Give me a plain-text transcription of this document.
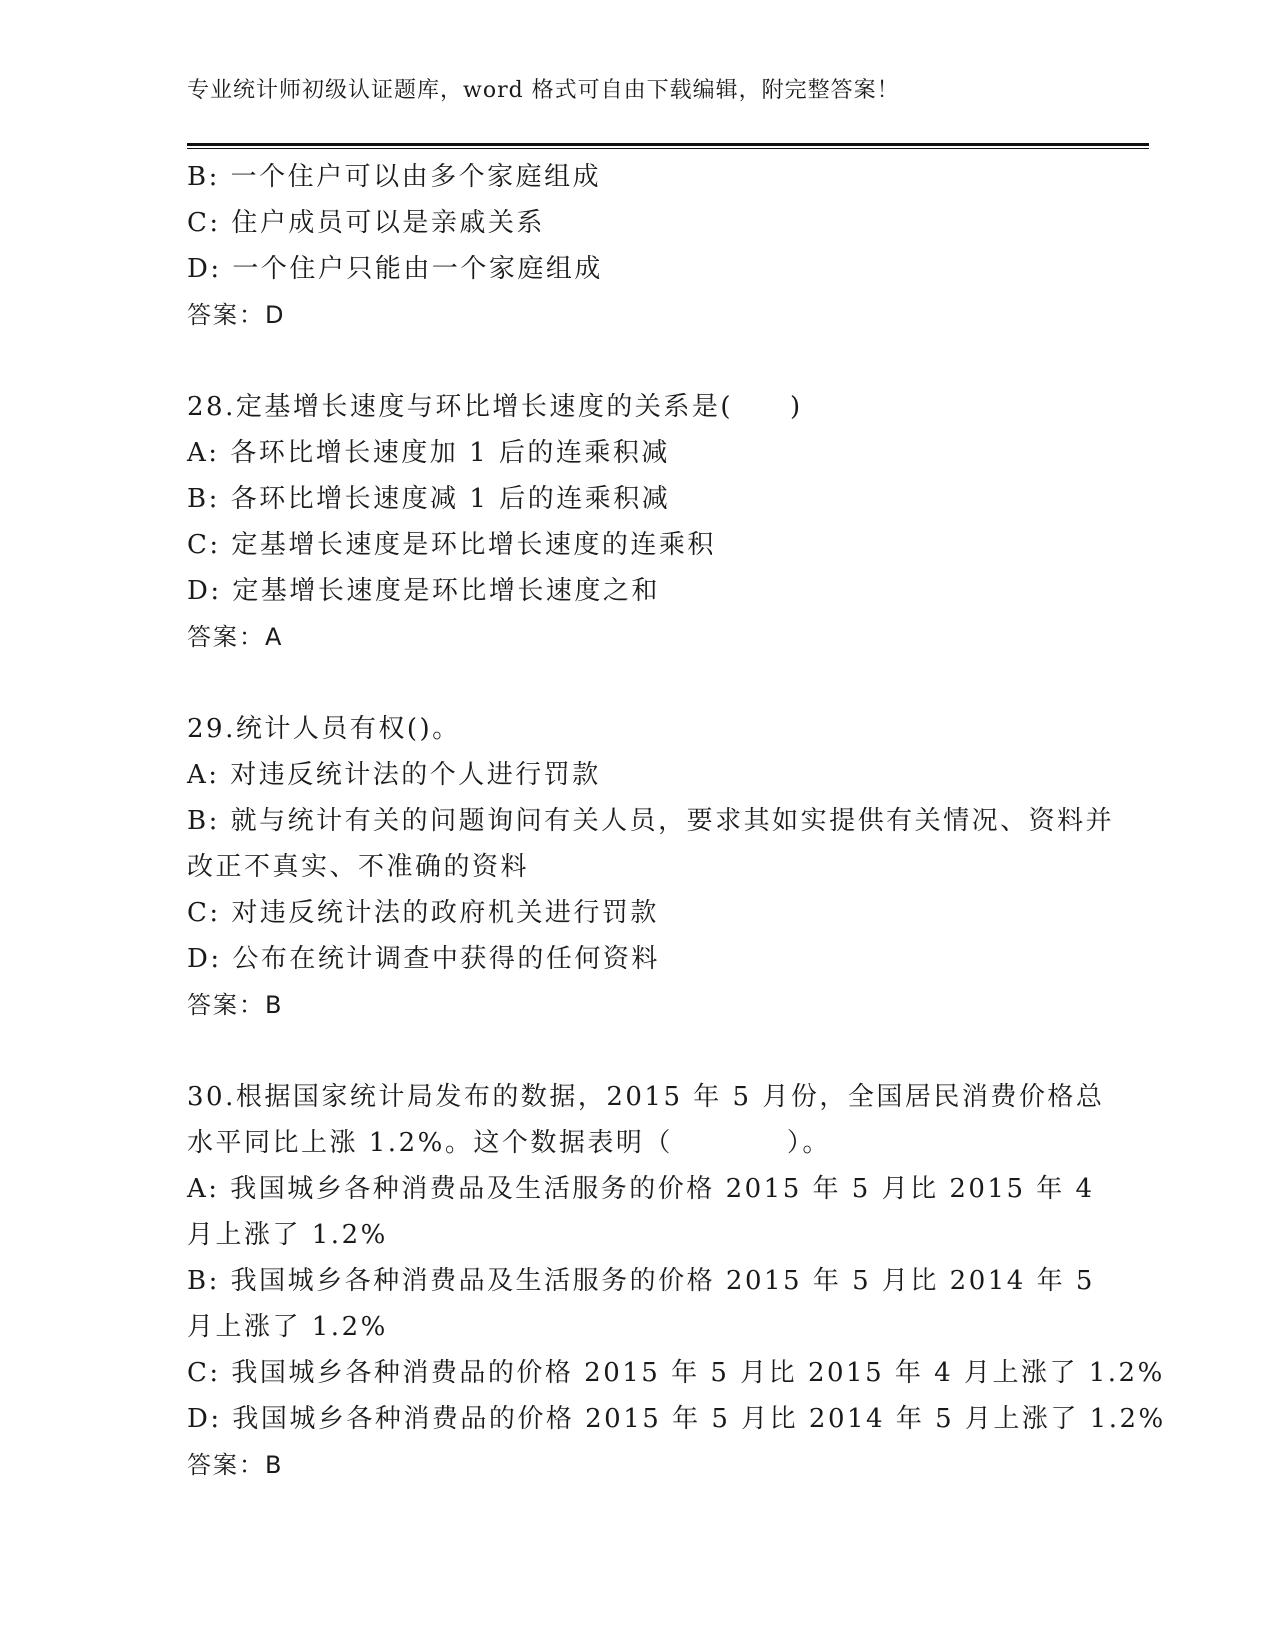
专业统计师初级认证题库，word 格式可自由下载编辑，附完整答案！
B: 一个住户可以由多个家庭组成
C: 住户成员可以是亲戚关系
D: 一个住户只能由一个家庭组成
答案：D
28.定基增长速度与环比增长速度的关系是(　　)
A: 各环比增长速度加 1 后的连乘积减
B: 各环比增长速度减 1 后的连乘积减
C: 定基增长速度是环比增长速度的连乘积
D: 定基增长速度是环比增长速度之和
答案：A
29.统计人员有权()。
A: 对违反统计法的个人进行罚款
B: 就与统计有关的问题询问有关人员，要求其如实提供有关情况、资料并改正不真实、不准确的资料
C: 对违反统计法的政府机关进行罚款
D: 公布在统计调查中获得的任何资料
答案：B
30.根据国家统计局发布的数据，2015 年 5 月份，全国居民消费价格总水平同比上涨 1.2%。这个数据表明（　　　　）。
A: 我国城乡各种消费品及生活服务的价格 2015 年 5 月比 2015 年 4 月上涨了 1.2%
B: 我国城乡各种消费品及生活服务的价格 2015 年 5 月比 2014 年 5 月上涨了 1.2%
C: 我国城乡各种消费品的价格 2015 年 5 月比 2015 年 4 月上涨了 1.2%
D: 我国城乡各种消费品的价格 2015 年 5 月比 2014 年 5 月上涨了 1.2%
答案：B
